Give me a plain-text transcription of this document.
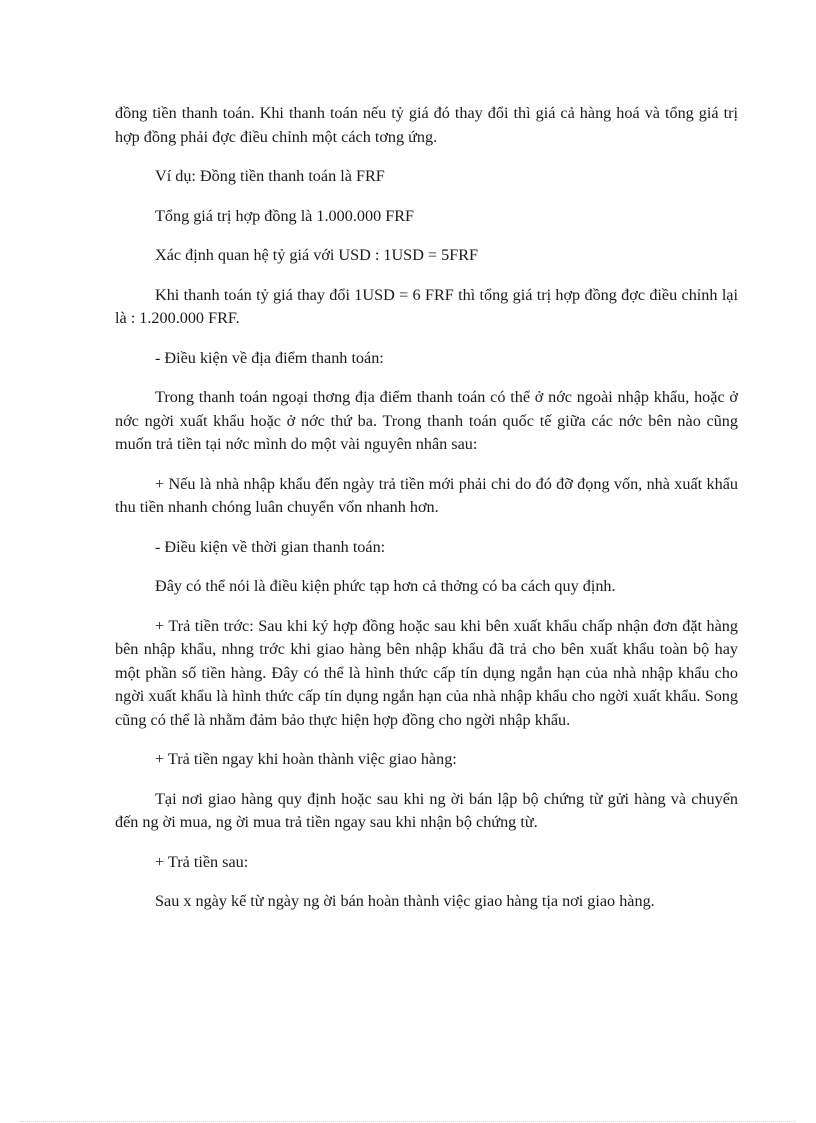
đồng tiền thanh toán. Khi thanh toán nếu tỷ giá đó thay đổi thì giá cả hàng hoá và tổng giá trị hợp đồng phải đợc điều chỉnh một cách tơng ứng.

Ví dụ: Đồng tiền thanh toán là FRF

Tổng giá trị hợp đồng là 1.000.000 FRF

Xác định quan hệ tỷ giá với USD : 1USD = 5FRF

Khi thanh toán tỷ giá thay đổi 1USD = 6 FRF thì tổng giá trị hợp đồng đợc điều chỉnh lại là : 1.200.000 FRF.

- Điều kiện về địa điểm thanh toán:

Trong thanh toán ngoại thơng địa điểm thanh toán có thể ở nớc ngoài nhập khẩu, hoặc ở nớc ngời xuất khẩu hoặc ở nớc thứ ba. Trong thanh toán quốc tế giữa các nớc bên nào cũng muốn trả tiền tại nớc mình do một vài nguyên nhân sau:

+ Nếu là nhà nhập khẩu đến ngày trả tiền mới phải chi do đó đỡ đọng vốn, nhà xuất khẩu thu tiền nhanh chóng luân chuyển vốn nhanh hơn.

- Điều kiện về thời gian thanh toán:

Đây có thể nói là điều kiện phức tạp hơn cả thởng có ba cách quy định.

+ Trả tiền trớc: Sau khi ký hợp đồng hoặc sau khi bên xuất khẩu chấp nhận đơn đặt hàng bên nhập khẩu, nhng trớc khi giao hàng bên nhập khẩu đã trả cho bên xuất khẩu toàn bộ hay một phần số tiền hàng. Đây có thể là hình thức cấp tín dụng ngắn hạn của nhà nhập khẩu cho ngời xuất khẩu là hình thức cấp tín dụng ngắn hạn của nhà nhập khẩu cho ngời xuất khẩu. Song cũng có thể là nhằm đảm bảo thực hiện hợp đồng cho ngời nhập khẩu.

+ Trả tiền ngay khi hoàn thành việc giao hàng:

Tại nơi giao hàng quy định hoặc sau khi ng ời bán lập bộ chứng từ gửi hàng và chuyển đến ng ời mua, ng ời mua trả tiền ngay sau khi nhận bộ chứng từ.

+ Trả tiền sau:

Sau x ngày kể từ ngày ng ời bán hoàn thành việc giao hàng tịa nơi giao hàng.
